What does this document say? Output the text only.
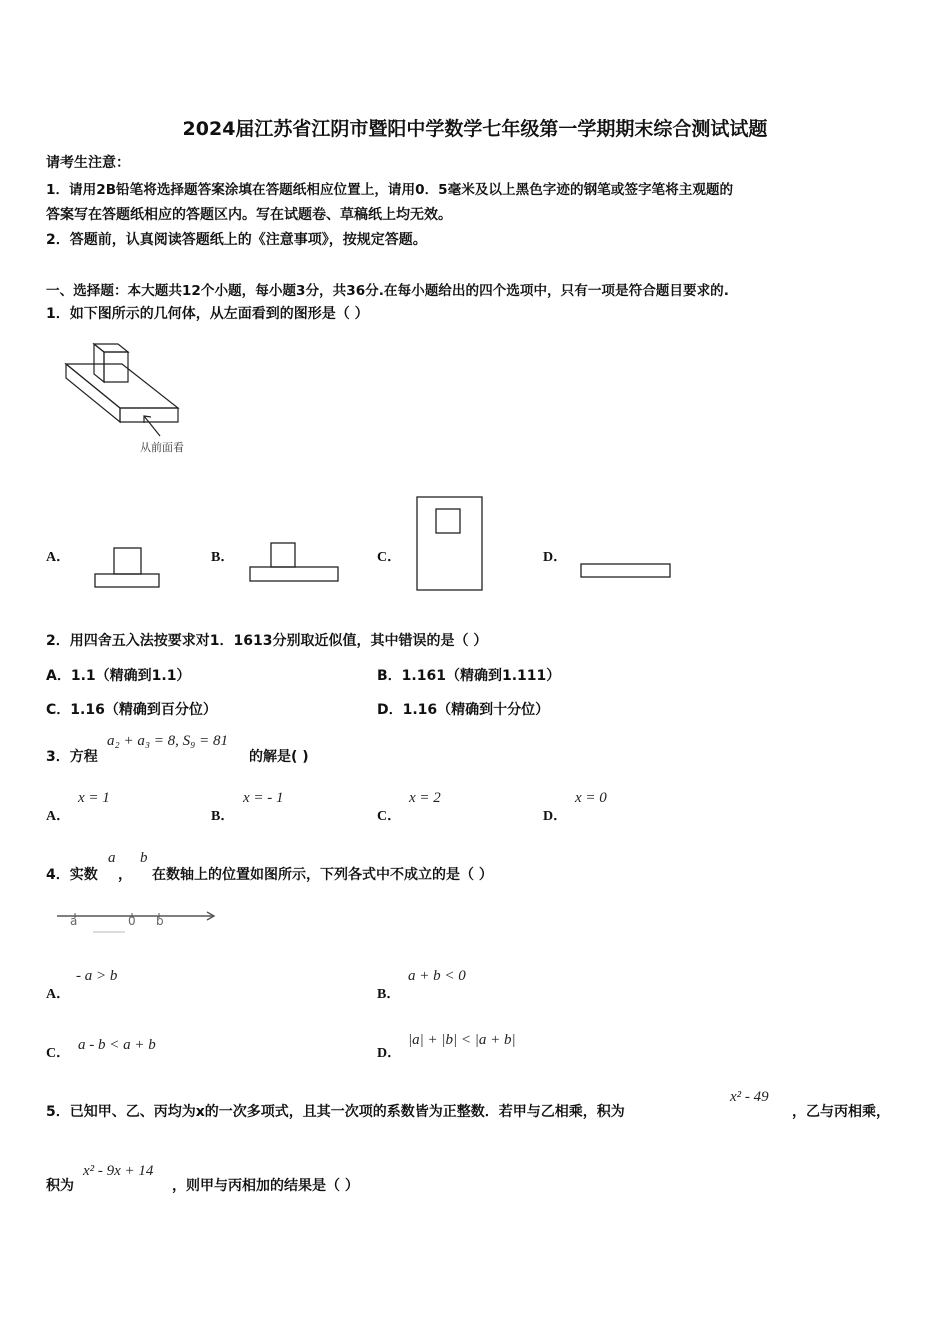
2024届江苏省江阴市暨阳中学数学七年级第一学期期末综合测试试题
请考生注意：
1．请用2B铅笔将选择题答案涂填在答题纸相应位置上，请用0．5毫米及以上黑色字迹的钢笔或签字笔将主观题的
答案写在答题纸相应的答题区内。写在试题卷、草稿纸上均无效。
2．答题前，认真阅读答题纸上的《注意事项》，按规定答题。
一、选择题：本大题共12个小题，每小题3分，共36分.在每小题给出的四个选项中，只有一项是符合题目要求的.
1．如下图所示的几何体，从左面看到的图形是（ ）
从前面看
A．	B．	C．	D．
2．用四舍五入法按要求对1．1613分别取近似值，其中错误的是（ ）
A．1.1（精确到1.1）	B．1.161（精确到1.111）
C．1.16（精确到百分位）	D．1.16（精确到十分位）
3．方程
a₂ + a₃ = 8, S₉ = 81
的解是( )
A．
x = 1
B．
x = - 1
C．
x = 2
D．
x = 0
4．实数
a
，
b
在数轴上的位置如图所示，下列各式中不成立的是（ ）
a	0 b
A．
- a > b
B．
a + b < 0
C．
a - b < a + b
D．
|a| + |b| < |a + b|
5．已知甲、乙、丙均为x的一次多项式，且其一次项的系数皆为正整数．若甲与乙相乘，积为
x² - 49
，乙与丙相乘，
积为
x² - 9x + 14
，则甲与丙相加的结果是（ ）
